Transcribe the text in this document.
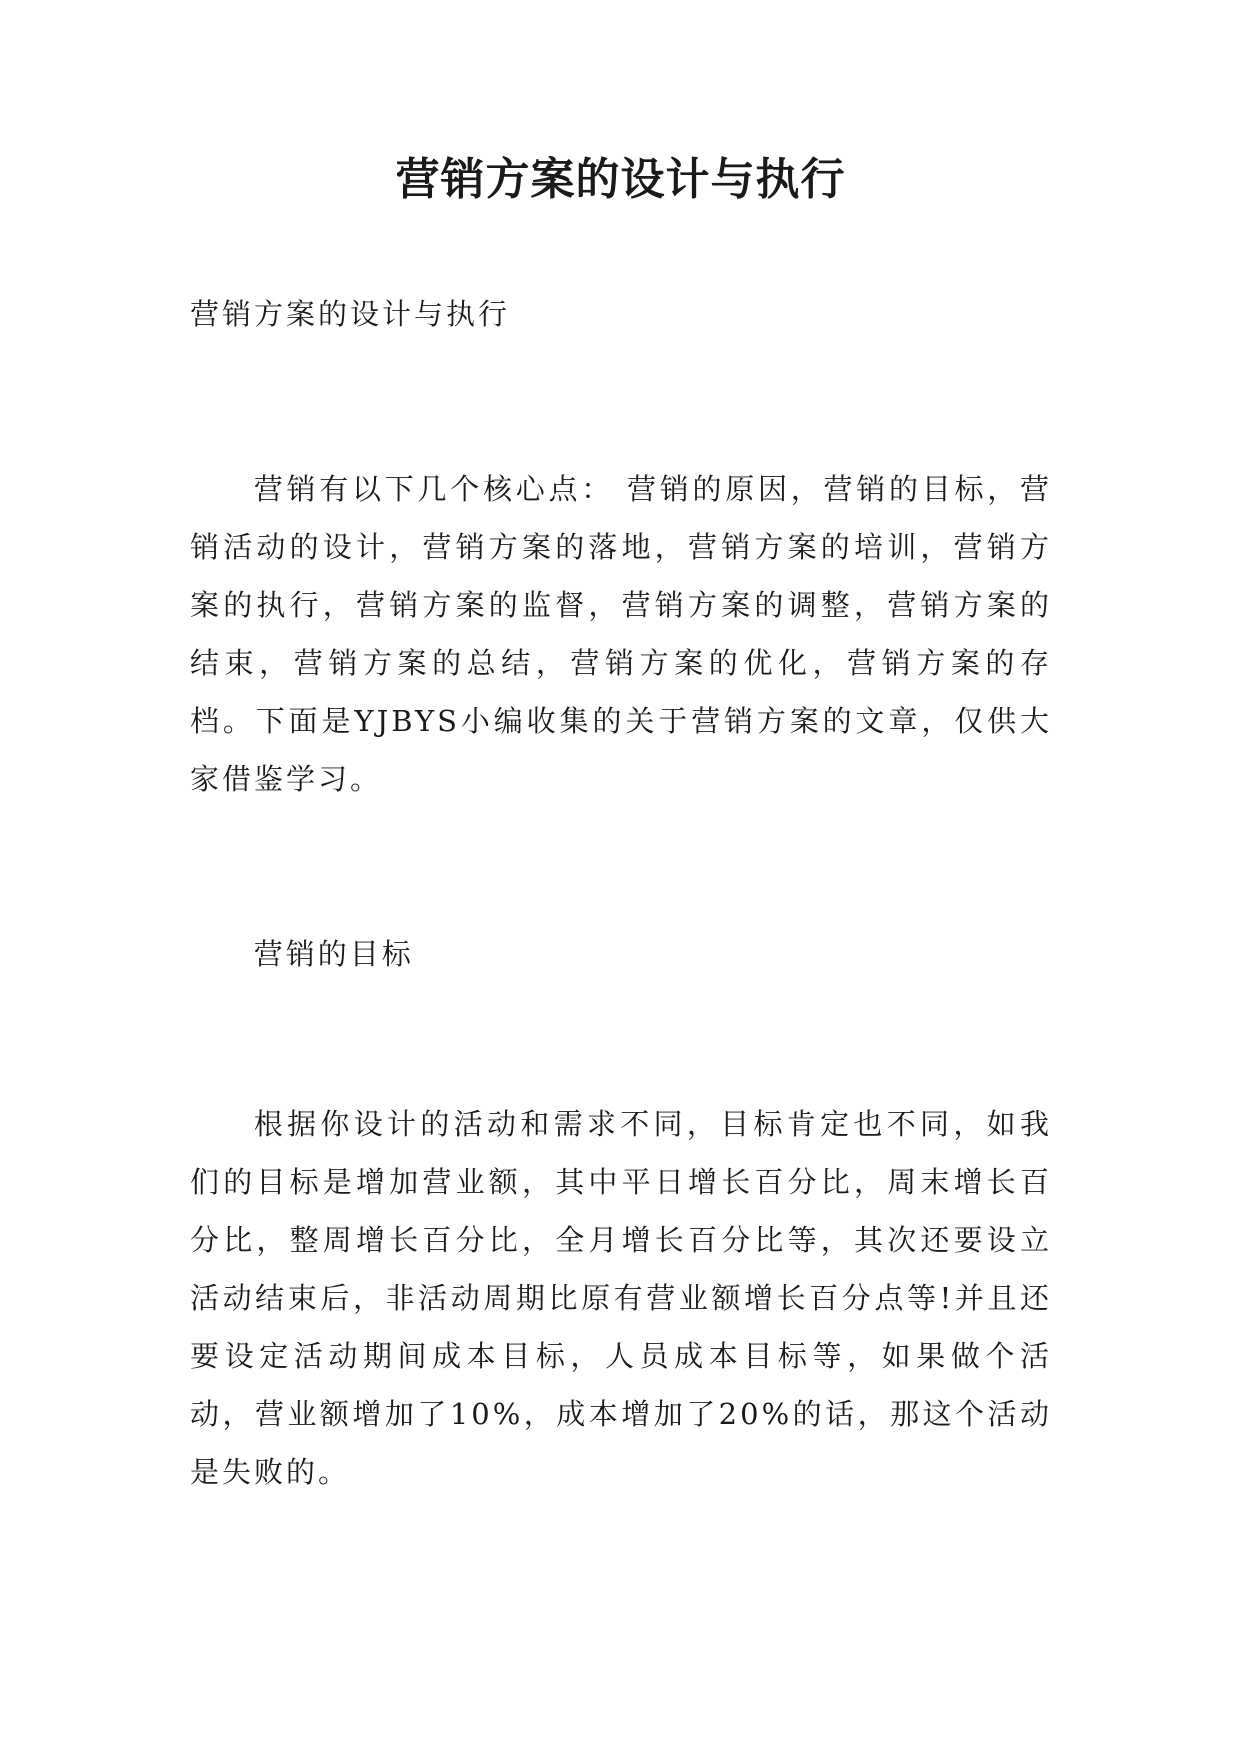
营销方案的设计与执行

营销方案的设计与执行

营销有以下几个核心点： 营销的原因，营销的目标，营销活动的设计，营销方案的落地，营销方案的培训，营销方案的执行，营销方案的监督，营销方案的调整，营销方案的结束，营销方案的总结，营销方案的优化，营销方案的存档。下面是YJBYS小编收集的关于营销方案的文章，仅供大家借鉴学习。

营销的目标

根据你设计的活动和需求不同，目标肯定也不同，如我们的目标是增加营业额，其中平日增长百分比，周末增长百分比，整周增长百分比，全月增长百分比等，其次还要设立活动结束后，非活动周期比原有营业额增长百分点等!并且还要设定活动期间成本目标，人员成本目标等，如果做个活动，营业额增加了10%，成本增加了20%的话，那这个活动是失败的。
